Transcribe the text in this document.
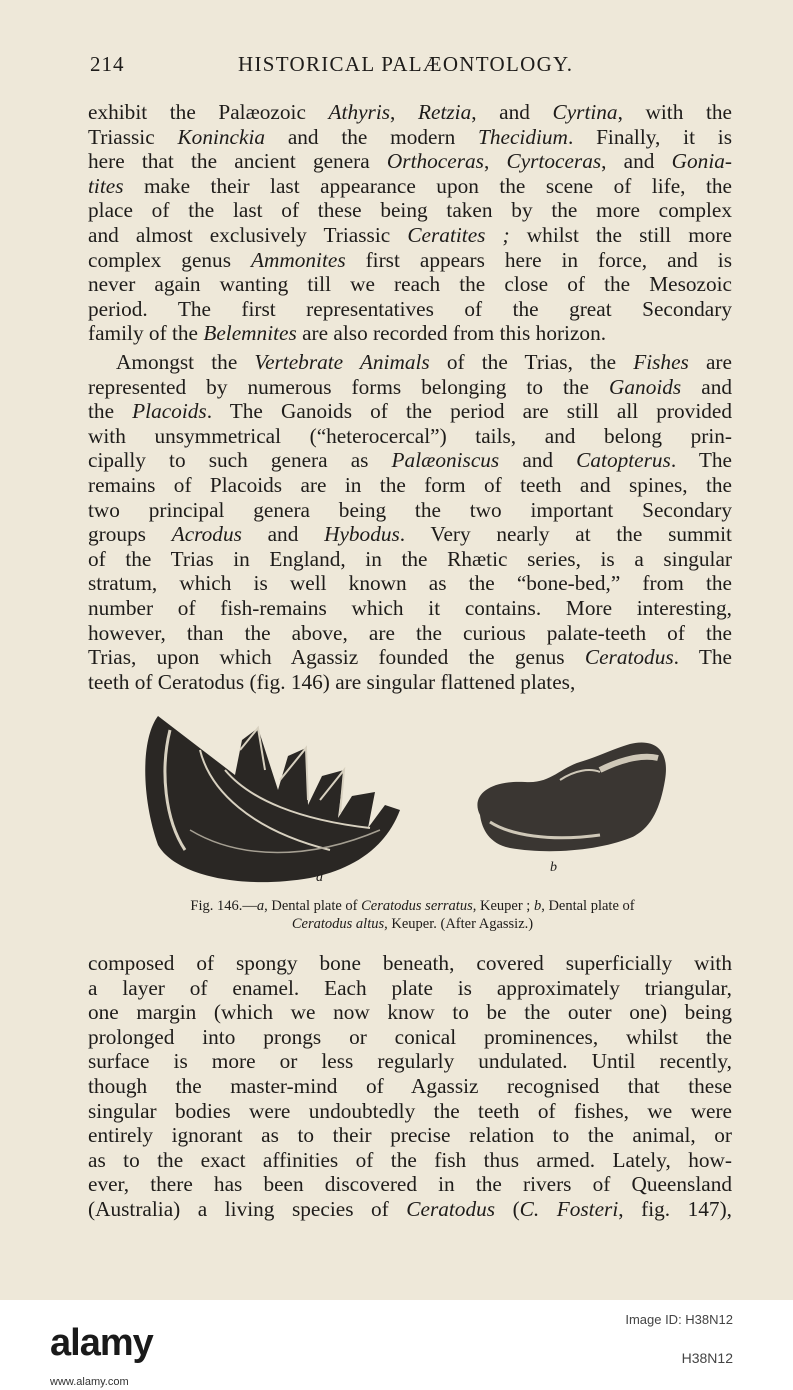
214	HISTORICAL PALÆONTOLOGY.
exhibit the Palæozoic Athyris, Retzia, and Cyrtina, with the
Triassic Koninckia and the modern Thecidium. Finally, it is
here that the ancient genera Orthoceras, Cyrtoceras, and Gonia-
tites make their last appearance upon the scene of life, the
place of the last of these being taken by the more complex
and almost exclusively Triassic Ceratites ; whilst the still more
complex genus Ammonites first appears here in force, and is
never again wanting till we reach the close of the Mesozoic
period. The first representatives of the great Secondary
family of the Belemnites are also recorded from this horizon.
Amongst the Vertebrate Animals of the Trias, the Fishes are
represented by numerous forms belonging to the Ganoids and
the Placoids. The Ganoids of the period are still all provided
with unsymmetrical (“heterocercal”) tails, and belong prin-
cipally to such genera as Palæoniscus and Catopterus. The
remains of Placoids are in the form of teeth and spines, the
two principal genera being the two important Secondary
groups Acrodus and Hybodus. Very nearly at the summit
of the Trias in England, in the Rhætic series, is a singular
stratum, which is well known as the “bone-bed,” from the
number of fish-remains which it contains. More interesting,
however, than the above, are the curious palate-teeth of the
Trias, upon which Agassiz founded the genus Ceratodus. The
teeth of Ceratodus (fig. 146) are singular flattened plates,
a
b
Fig. 146.—a, Dental plate of Ceratodus serratus, Keuper ; b, Dental plate of
Ceratodus altus, Keuper. (After Agassiz.)
composed of spongy bone beneath, covered superficially with
a layer of enamel. Each plate is approximately triangular,
one margin (which we now know to be the outer one) being
prolonged into prongs or conical prominences, whilst the
surface is more or less regularly undulated. Until recently,
though the master-mind of Agassiz recognised that these
singular bodies were undoubtedly the teeth of fishes, we were
entirely ignorant as to their precise relation to the animal, or
as to the exact affinities of the fish thus armed. Lately, how-
ever, there has been discovered in the rivers of Queensland
(Australia) a living species of Ceratodus (C. Fosteri, fig. 147),
alamy
Image ID: H38N12
H38N12
www.alamy.com
